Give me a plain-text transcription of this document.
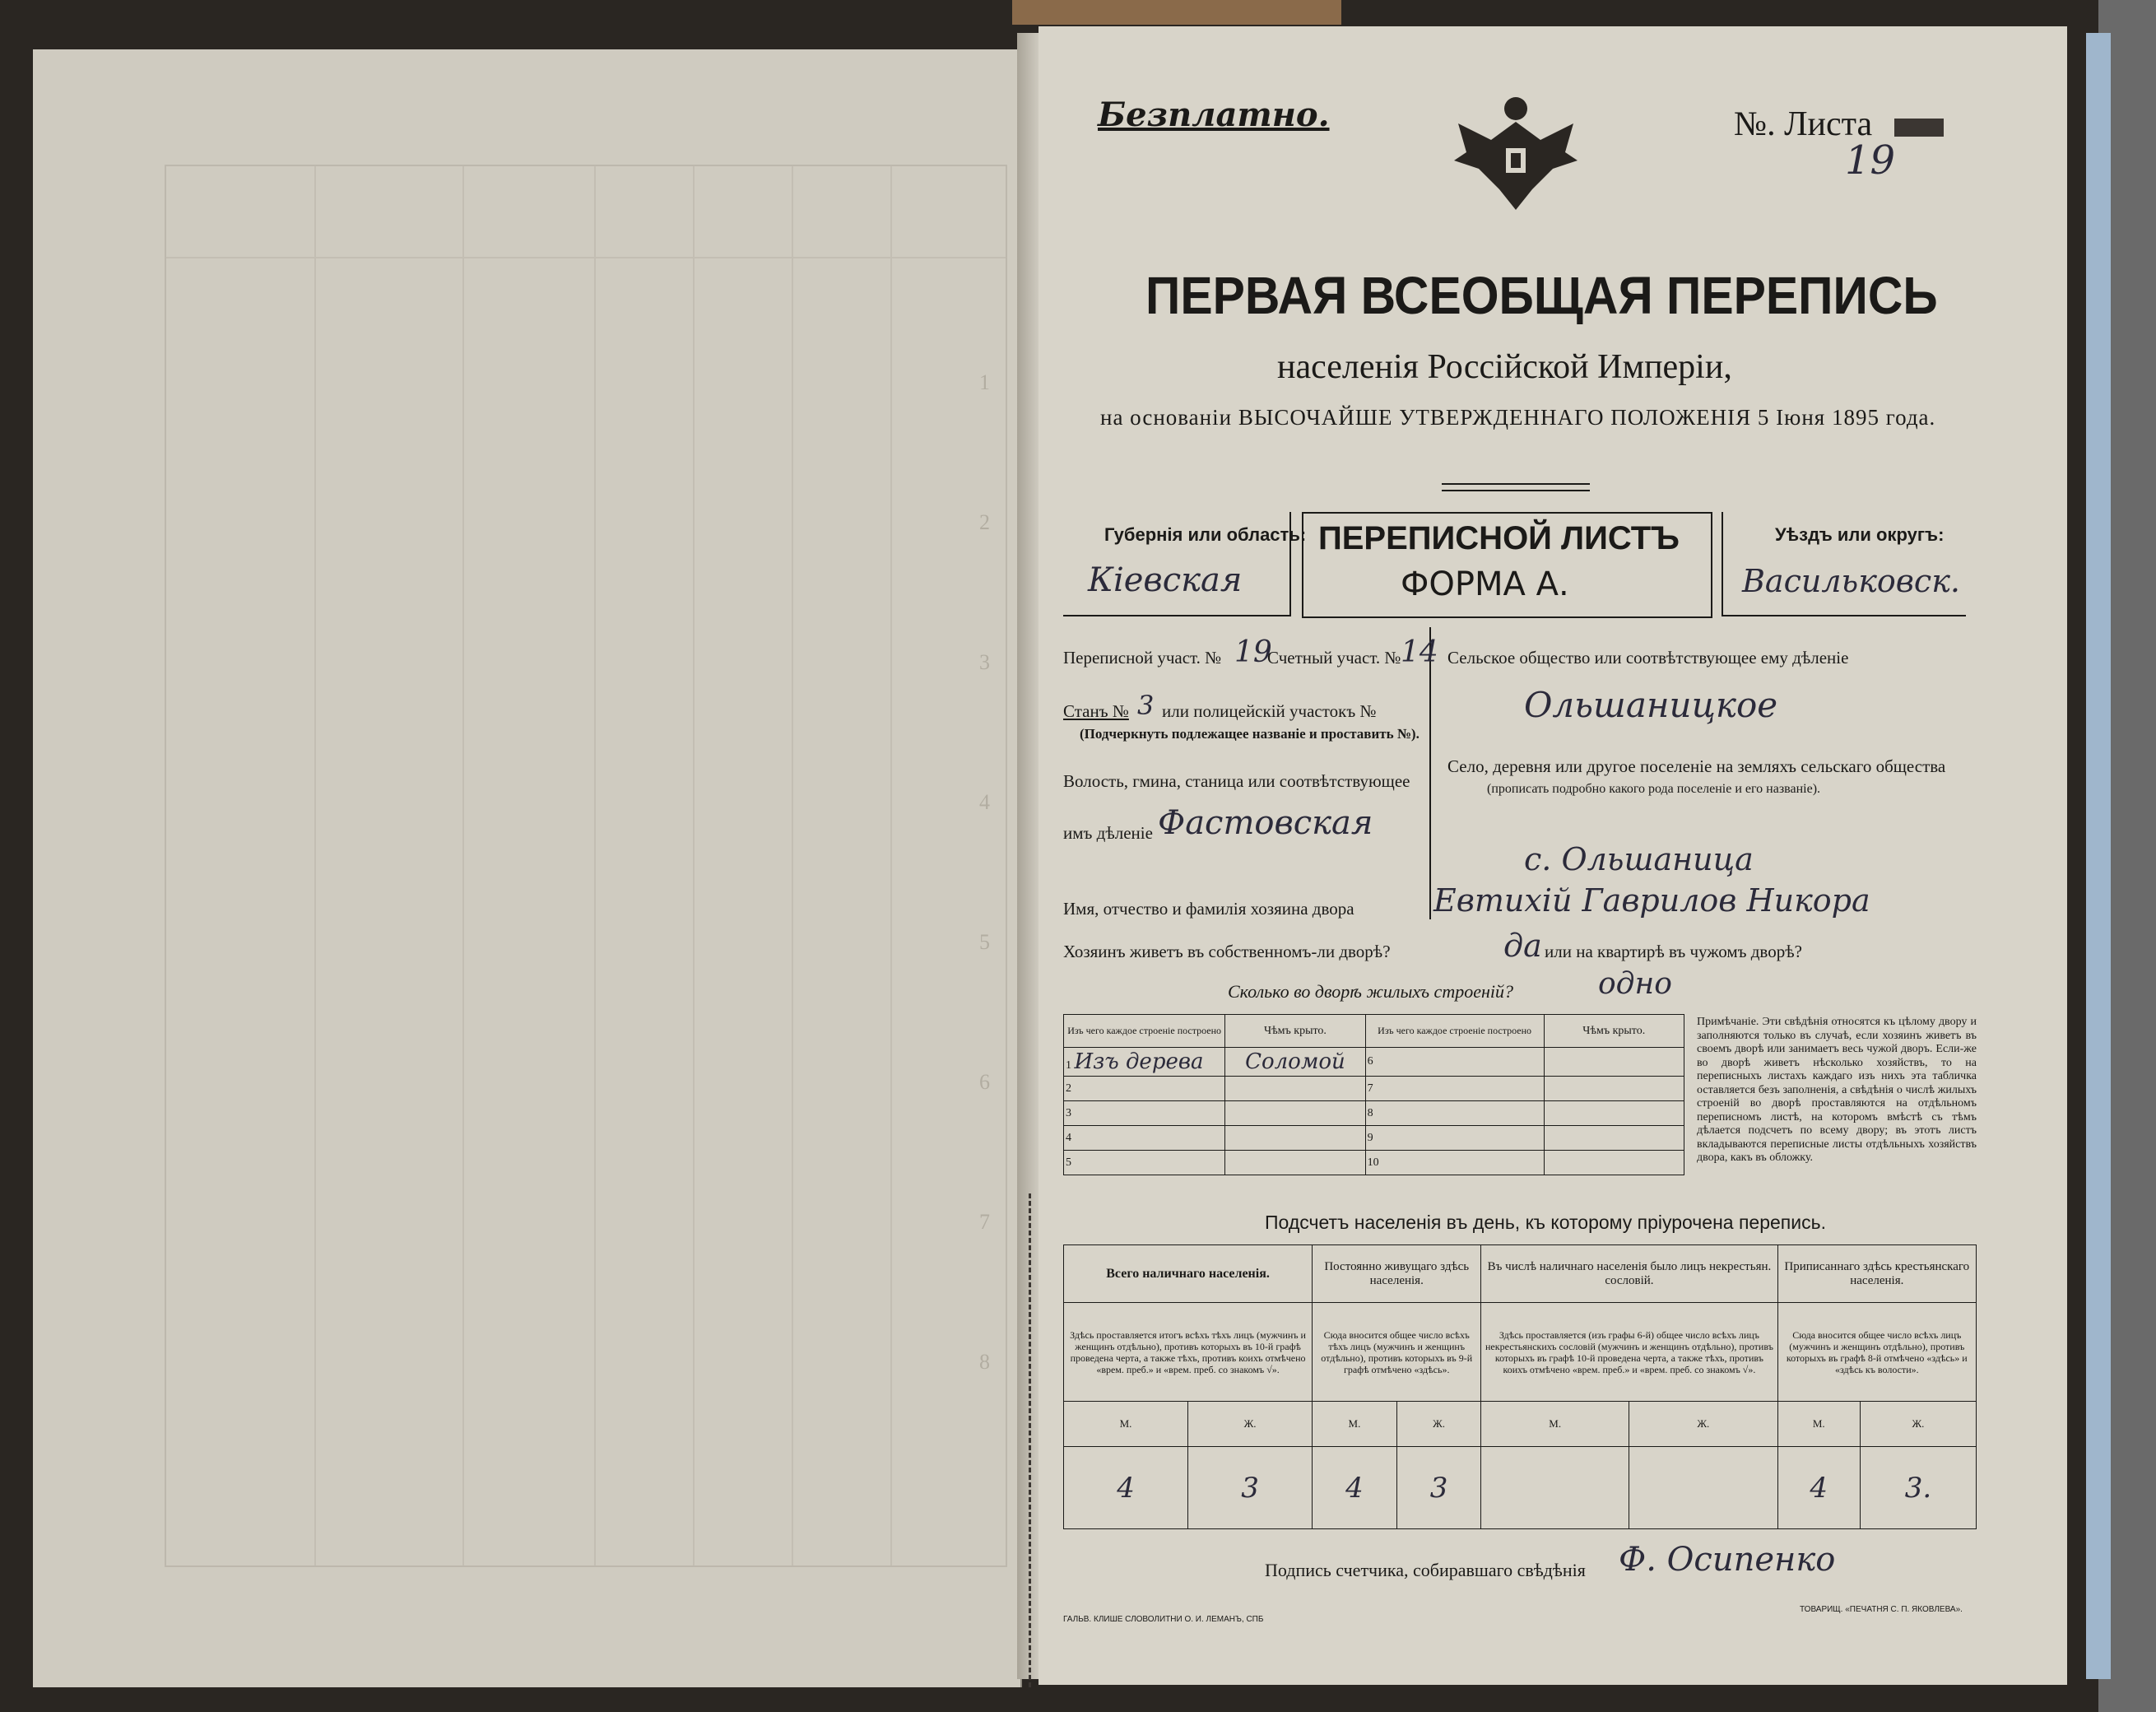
1
2
3
4
5
6
7
8
Безплатно.	№. Листа
19
ПЕРВАЯ ВСЕОБЩАЯ ПЕРЕПИСЬ
населенія Россійской Имперіи,
на основаніи ВЫСОЧАЙШЕ УТВЕРЖДЕННАГО ПОЛОЖЕНІЯ 5 Іюня 1895 года.
Губернія или область:
Кіевская
ПЕРЕПИСНОЙ ЛИСТЪ
ФОРМА А.
Уѣздъ или округъ:
Васильковск.
Переписной участ. № 19
Счетный участ. № 14
Станъ № 3 или полицейскій участокъ №
(Подчеркнуть подлежащее названіе и проставить №).
Волость, гмина, станица или соотвѣтствующее
имъ дѣленіе Фастовская
Сельское общество или соотвѣтствующее ему дѣленіе
Ольшаницкое
Село, деревня или другое поселеніе на земляхъ сельскаго общества
(прописать подробно какого рода поселеніе и его названіе).
с. Ольшаница
Имя, отчество и фамилія хозяина двора	Евтихій Гаврилов Никора
Хозяинъ живетъ въ собственномъ-ли дворѣ?	да или на квартирѣ въ чужомъ дворѣ?
Сколько во дворѣ жилыхъ строеній?	одно
Изъ чего каждое строеніе построено	Чѣмъ крыто.	Изъ чего каждое строеніе построено	Чѣмъ крыто.
1 Изъ дерева	Соломой	6	
2		7	
3		8	
4		9	
5		10	
Примѣчаніе. Эти свѣдѣнія относятся къ цѣлому двору и заполняются только въ случаѣ, если хозяинъ живетъ въ своемъ дворѣ или занимаетъ весь чужой дворъ. Если-же во дворѣ живетъ нѣсколько хозяйствъ, то на переписныхъ листахъ каждаго изъ нихъ эта табличка оставляется безъ заполненія, а свѣдѣнія о числѣ жилыхъ строеній во дворѣ проставляются на отдѣльномъ переписномъ листѣ, на которомъ вмѣстѣ съ тѣмъ дѣлается подсчетъ по всему двору; въ этотъ листъ вкладываются переписные листы отдѣльныхъ хозяйствъ двора, какъ въ обложку.
Подсчетъ населенія въ день, къ которому пріурочена перепись.
Всего наличнаго населенія.		Постоянно живущаго здѣсь населенія.		Въ числѣ наличнаго населенія было лицъ некрестьян. сословій.		Приписаннаго здѣсь крестьянскаго населенія.	
Здѣсь проставляется итогъ всѣхъ тѣхъ лицъ (мужчинъ и женщинъ отдѣльно), противъ которыхъ въ 10-й графѣ проведена черта, а также тѣхъ, противъ коихъ отмѣчено «врем. преб.» и «врем. преб. со знакомъ √».		Сюда вносится общее число всѣхъ тѣхъ лицъ (мужчинъ и женщинъ отдѣльно), противъ которыхъ въ 9-й графѣ отмѣчено «здѣсь».		Здѣсь проставляется (изъ графы 6-й) общее число всѣхъ лицъ некрестьянскихъ сословій (мужчинъ и женщинъ отдѣльно), противъ которыхъ въ графѣ 10-й проведена черта, а также тѣхъ, противъ коихъ отмѣчено «врем. преб.» и «врем. преб. со знакомъ √».		Сюда вносится общее число всѣхъ лицъ (мужчинъ и женщинъ отдѣльно), противъ которыхъ въ графѣ 8-й отмѣчено «здѣсь» и «здѣсь къ волости».	
М.	Ж.	М.	Ж.	М.	Ж.	М.	Ж.
4	3	4	3			4	3.
Подпись счетчика, собиравшаго свѣдѣнія Ф. Осипенко
ГАЛЬВ. КЛИШЕ СЛОВОЛИТНИ О. И. ЛЕМАНЪ, СПБ
ТОВАРИЩ. «ПЕЧАТНЯ С. П. ЯКОВЛЕВА».
